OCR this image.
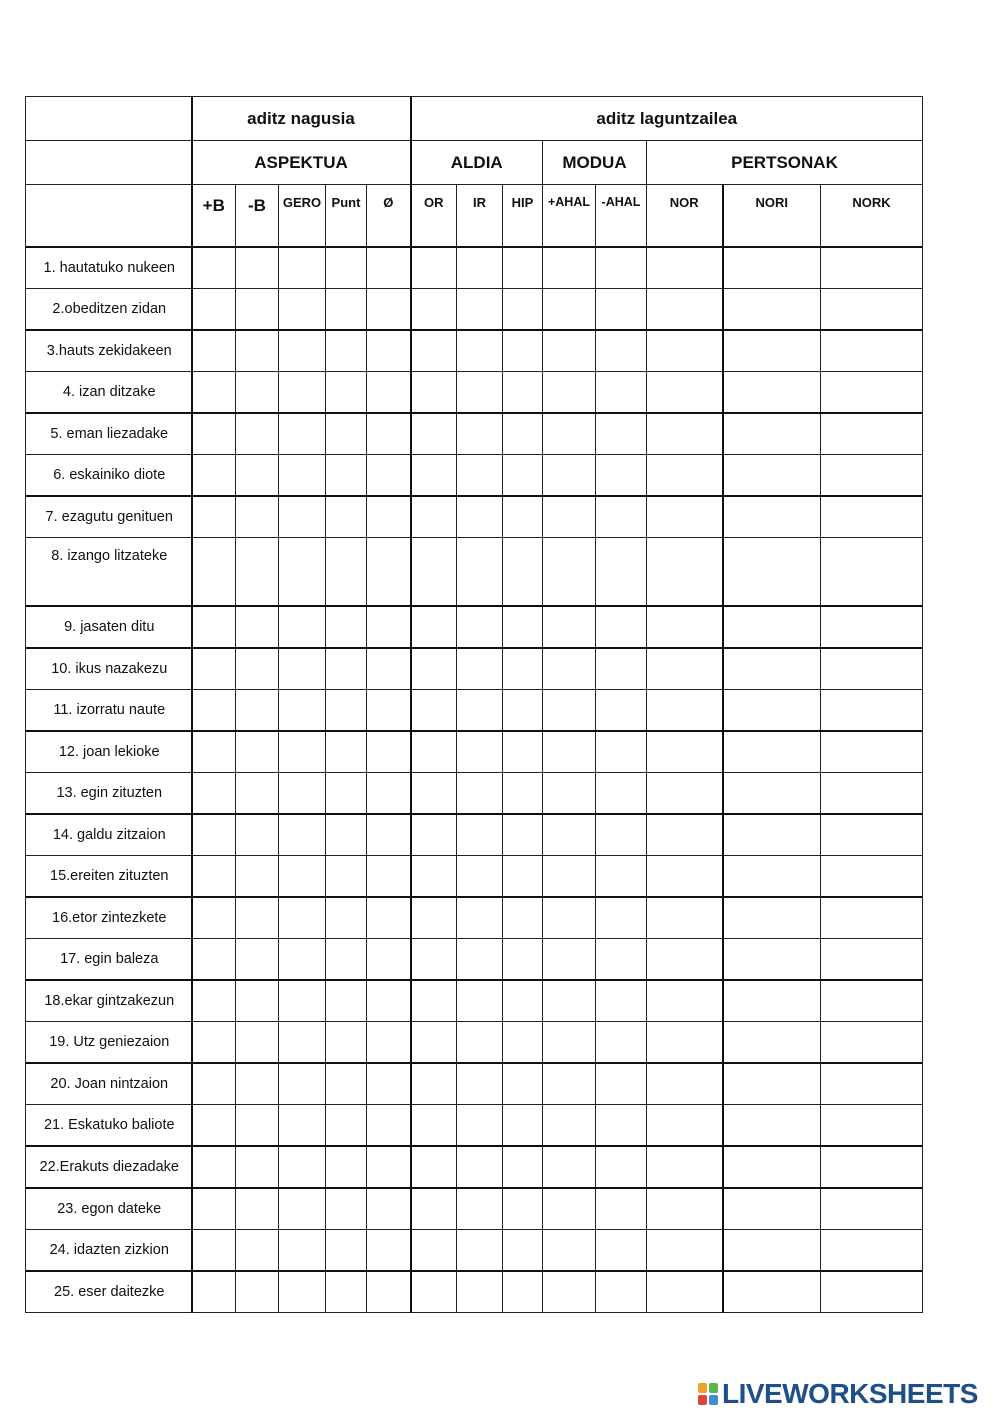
	aditz nagusia					aditz laguntzailea							
	ASPEKTUA					ALDIA			MODUA		PERTSONAK		
	+B	-B	GERO	Punt	Ø	OR	IR	HIP	+AHAL	-AHAL	NOR	NORI	NORK
1. hautatuko nukeen													
2.obeditzen zidan													
3.hauts zekidakeen													
4. izan ditzake													
5. eman liezadake													
6. eskainiko diote													
7. ezagutu genituen													
8. izango litzateke													
9. jasaten ditu													
10. ikus nazakezu													
11. izorratu naute													
12. joan lekioke													
13. egin zituzten													
14. galdu zitzaion													
15.ereiten zituzten													
16.etor zintezkete													
17. egin baleza													
18.ekar gintzakezun													
19. Utz geniezaion													
20. Joan nintzaion													
21. Eskatuko baliote													
22.Erakuts diezadake													
23. egon dateke													
24. idazten zizkion													
25. eser daitezke													
LIVEWORKSHEETS
